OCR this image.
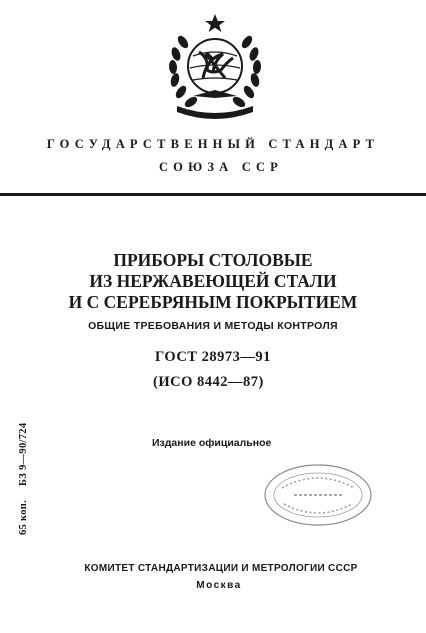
ГОСУДАРСТВЕННЫЙ СТАНДАРТ
СОЮЗА ССР
ПРИБОРЫ СТОЛОВЫЕ
ИЗ НЕРЖАВЕЮЩЕЙ СТАЛИ
И С СЕРЕБРЯНЫМ ПОКРЫТИЕМ
ОБЩИЕ ТРЕБОВАНИЯ И МЕТОДЫ КОНТРОЛЯ
ГОСТ 28973—91
(ИСО 8442—87)
Издание официальное
65 коп.БЗ 9—90/724
КОМИТЕТ СТАНДАРТИЗАЦИИ И МЕТРОЛОГИИ СССР
Москва
